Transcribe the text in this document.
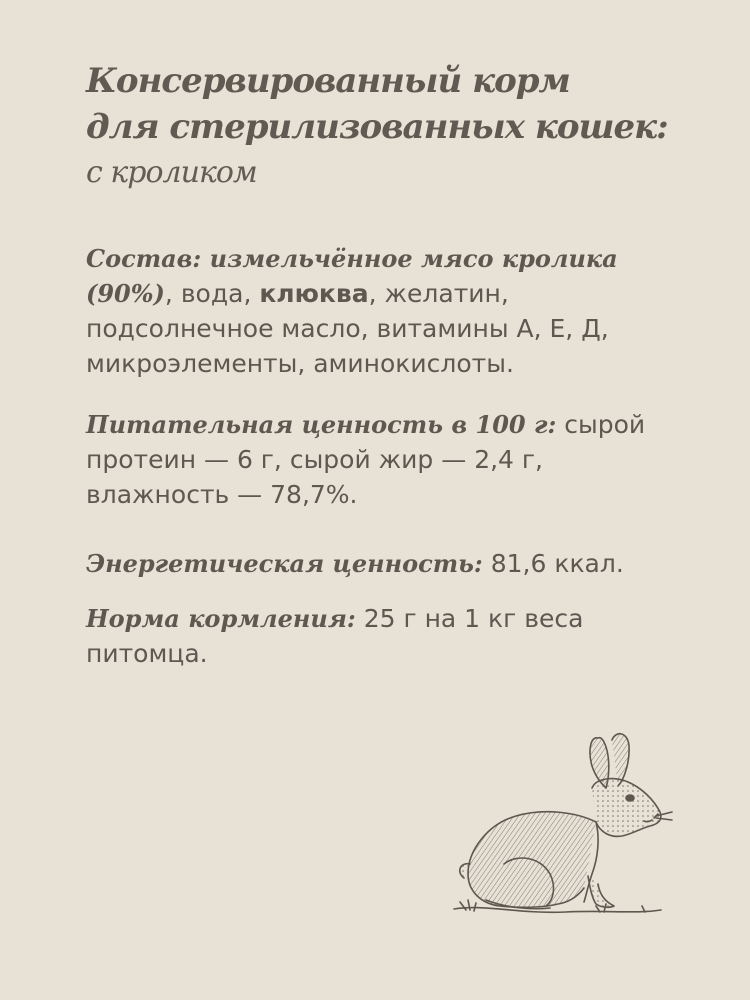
Консервированный корм

для стерилизованных кошек:

с кроликом

Состав: измельчённое мясо кролика (90%), вода, клюква, желатин, подсолнечное масло, витамины А, Е, Д, микроэлементы, аминокислоты.

Питательная ценность в 100 г: сырой протеин — 6 г, сырой жир — 2,4 г, влажность — 78,7%.

Энергетическая ценность: 81,6 ккал.

Норма кормления: 25 г на 1 кг веса питомца.
